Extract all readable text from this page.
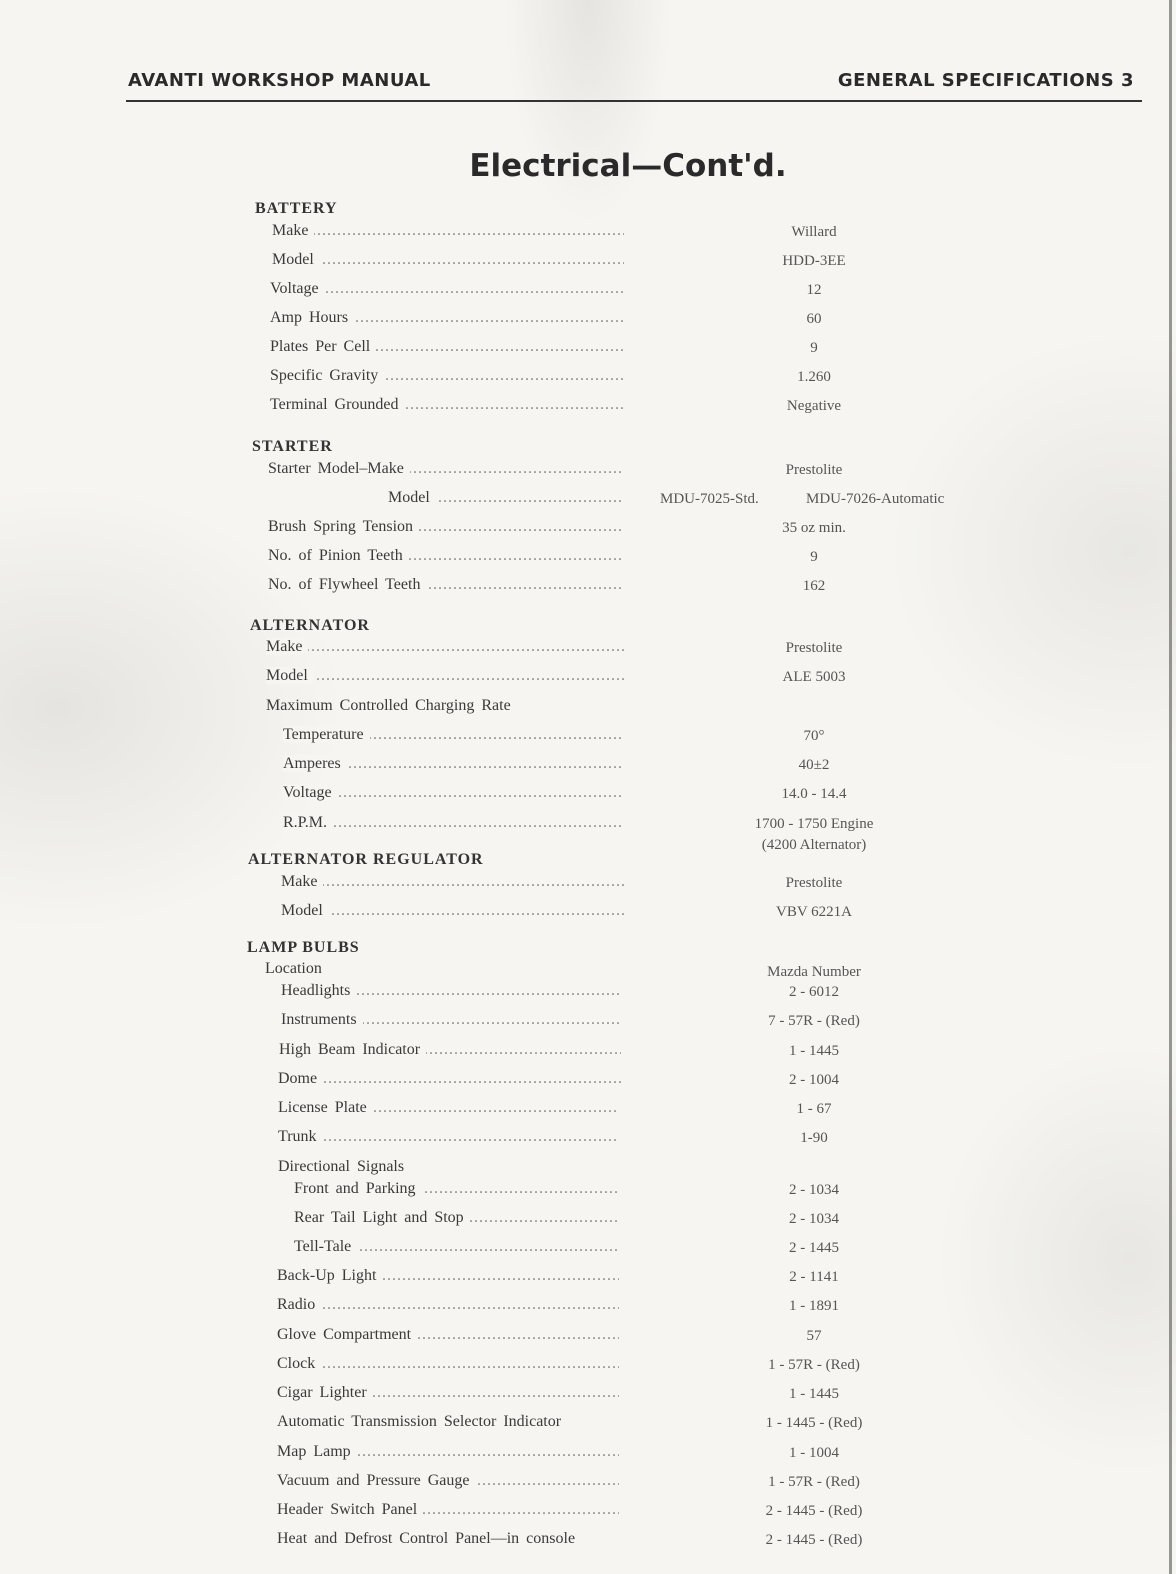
AVANTI WORKSHOP MANUAL	GENERAL SPECIFICATIONS 3
Electrical—Cont'd.
BATTERY
Make .....	Willard
Model .....	HDD-3EE
Voltage .....	12
Amp Hours .....	60
Plates Per Cell .....	9
Specific Gravity .....	1.260
Terminal Grounded .....	Negative
STARTER
Starter Model–Make .....	Prestolite
Model .....	MDU-7025-Std.	MDU-7026-Automatic
Brush Spring Tension .....	35 oz min.
No. of Pinion Teeth .....	9
No. of Flywheel Teeth .....	162
ALTERNATOR
Make .....	Prestolite
Model .....	ALE 5003
Maximum Controlled Charging Rate
Temperature .....	70°
Amperes .....	40±2
Voltage .....	14.0 - 14.4
R.P.M. .....	1700 - 1750 Engine
(4200 Alternator)
ALTERNATOR REGULATOR
Make .....	Prestolite
Model .....	VBV 6221A
LAMP BULBS
Location	Mazda Number
Headlights .....	2 - 6012
Instruments .....	7 - 57R - (Red)
High Beam Indicator .....	1 - 1445
Dome .....	2 - 1004
License Plate .....	1 - 67
Trunk .....	1-90
Directional Signals
Front and Parking .....	2 - 1034
Rear Tail Light and Stop .....	2 - 1034
Tell-Tale .....	2 - 1445
Back-Up Light .....	2 - 1141
Radio .....	1 - 1891
Glove Compartment .....	57
Clock .....	1 - 57R - (Red)
Cigar Lighter .....	1 - 1445
Automatic Transmission Selector Indicator	1 - 1445 - (Red)
Map Lamp .....	1 - 1004
Vacuum and Pressure Gauge .....	1 - 57R - (Red)
Header Switch Panel .....	2 - 1445 - (Red)
Heat and Defrost Control Panel—in console	2 - 1445 - (Red)
